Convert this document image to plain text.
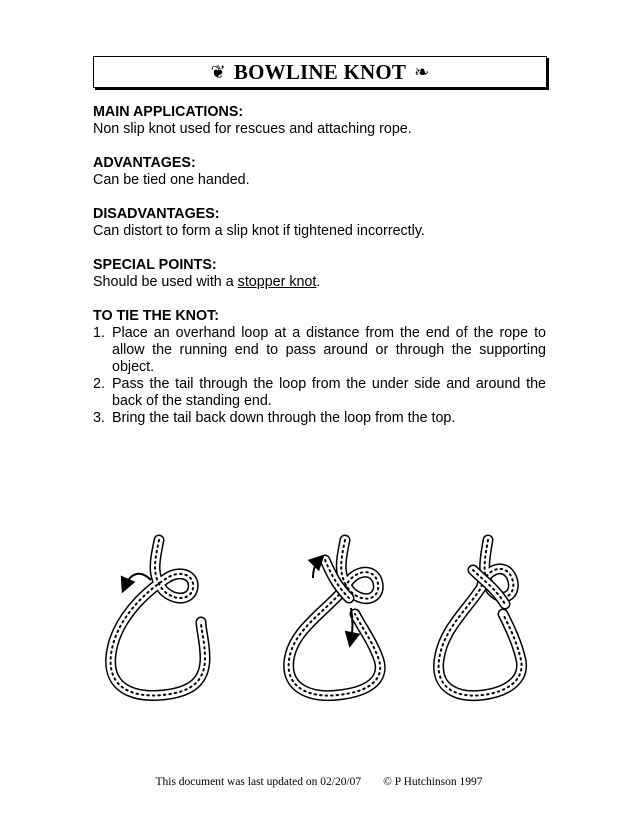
❦ BOWLINE KNOT ❧
MAIN APPLICATIONS:

Non slip knot used for rescues and attaching rope.

ADVANTAGES:

Can be tied one handed.

DISADVANTAGES:

Can distort to form a slip knot if tightened incorrectly.

SPECIAL POINTS:

Should be used with a stopper knot.

TO TIE THE KNOT:
1. Place an overhand loop at a distance from the end of the rope to allow the running end to pass around or through the supporting object.
2. Pass the tail through the loop from the under side and around the back of the standing end.
3. Bring the tail back down through the loop from the top.
This document was last updated on 02/20/07 © P Hutchinson 1997
